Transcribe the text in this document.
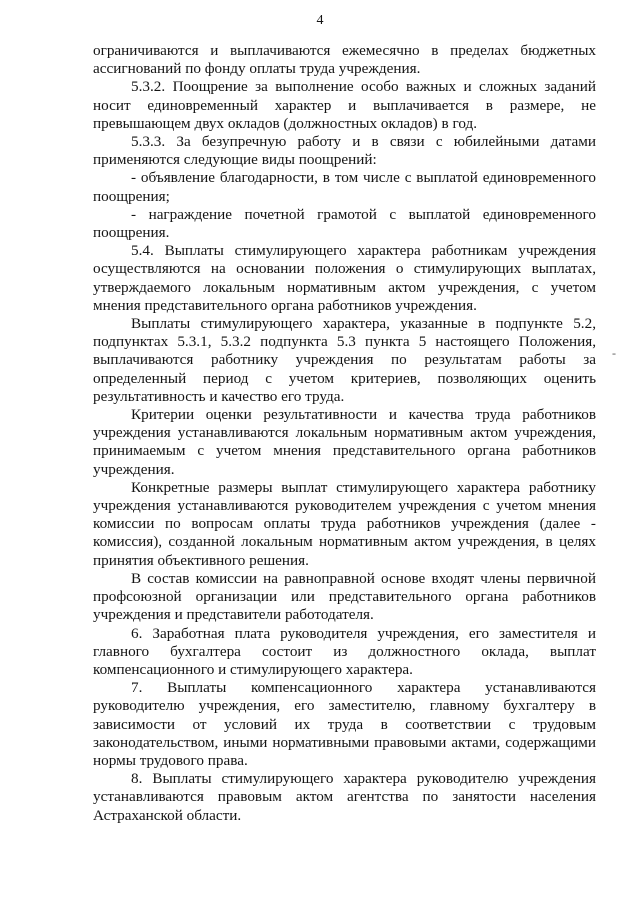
4

ограничиваются и выплачиваются ежемесячно в пределах бюджетных ассигнований по фонду оплаты труда учреждения.

5.3.2. Поощрение за выполнение особо важных и сложных заданий носит единовременный характер и выплачивается в размере, не превышающем двух окладов (должностных окладов) в год.

5.3.3. За безупречную работу и в связи с юбилейными датами применяются следующие виды поощрений:

- объявление благодарности, в том числе с выплатой единовременного поощрения;

- награждение почетной грамотой с выплатой единовременного поощрения.

5.4. Выплаты стимулирующего характера работникам учреждения осуществляются на основании положения о стимулирующих выплатах, утверждаемого локальным нормативным актом учреждения, с учетом мнения представительного органа работников учреждения.

Выплаты стимулирующего характера, указанные в подпункте 5.2, подпунктах 5.3.1, 5.3.2 подпункта 5.3 пункта 5 настоящего Положения, выплачиваются работнику учреждения по результатам работы за определенный период с учетом критериев, позволяющих оценить результативность и качество его труда.

Критерии оценки результативности и качества труда работников учреждения устанавливаются локальным нормативным актом учреждения, принимаемым с учетом мнения представительного органа работников учреждения.

Конкретные размеры выплат стимулирующего характера работнику учреждения устанавливаются руководителем учреждения с учетом мнения комиссии по вопросам оплаты труда работников учреждения (далее - комиссия), созданной локальным нормативным актом учреждения, в целях принятия объективного решения.

В состав комиссии на равноправной основе входят члены первичной профсоюзной организации или представительного органа работников учреждения и представители работодателя.

6. Заработная плата руководителя учреждения, его заместителя и главного бухгалтера состоит из должностного оклада, выплат компенсационного и стимулирующего характера.

7. Выплаты компенсационного характера устанавливаются руководителю учреждения, его заместителю, главному бухгалтеру в зависимости от условий их труда в соответствии с трудовым законодательством, иными нормативными правовыми актами, содержащими нормы трудового права.

8. Выплаты стимулирующего характера руководителю учреждения устанавливаются правовым актом агентства по занятости населения Астраханской области.

-
